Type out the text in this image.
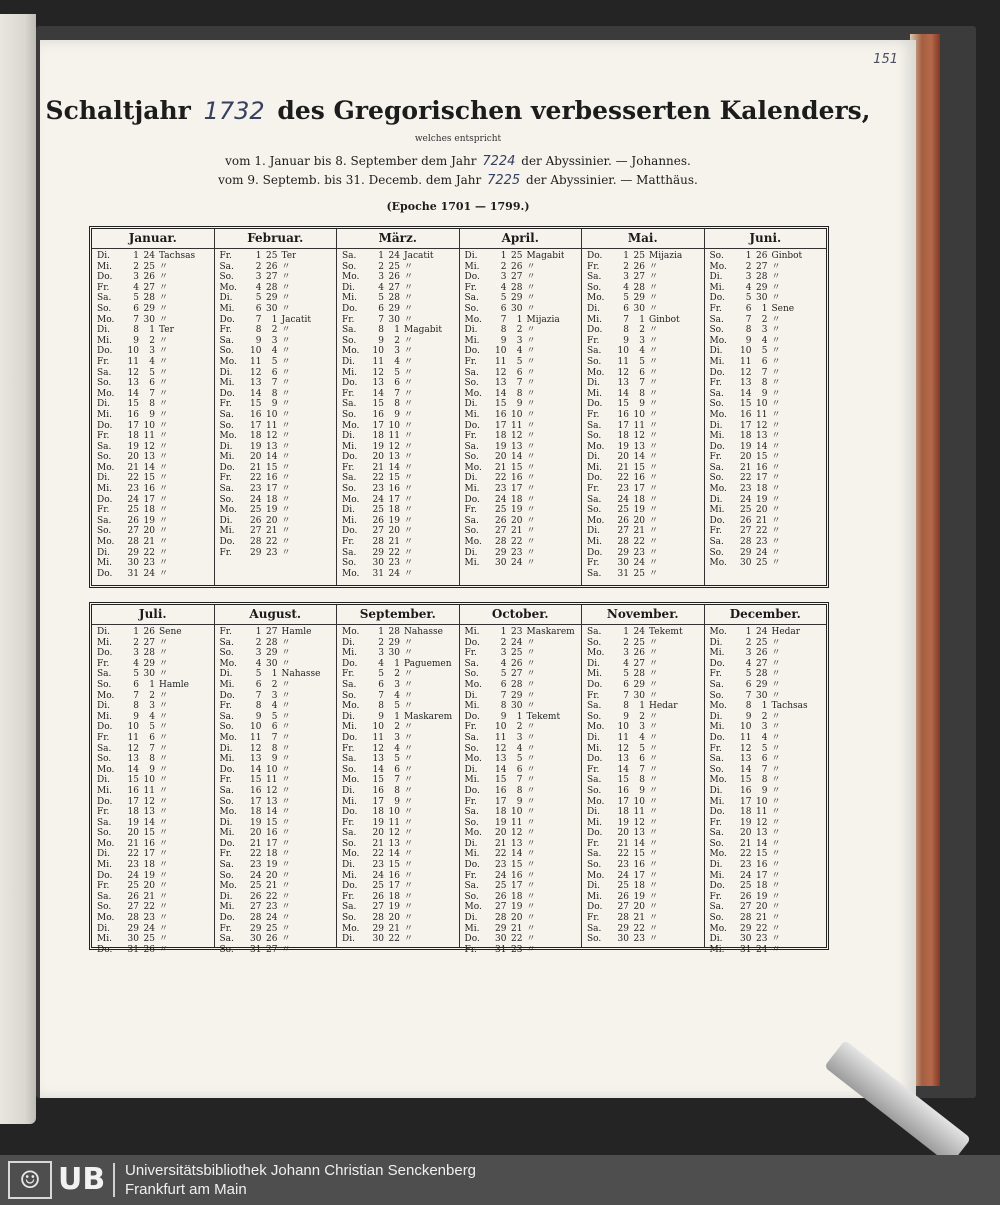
151
Schaltjahr 1732 des Gregorischen verbesserten Kalenders,
welches entspricht
vom 1. Januar bis 8. September dem Jahr 7224 der Abyssinier. — Johannes.
vom 9. Septemb. bis 31. Decemb. dem Jahr 7225 der Abyssinier. — Matthäus.
(Epoche 1701 — 1799.)
Januar.
Di.	1 24 Tachsas
Mi.	2 25 〃
Do.	3 26 〃
Fr.	4 27 〃
Sa.	5 28 〃
So.	6 29 〃
Mo.	7 30 〃
Di.	8	1 Ter
Mi.	9	2 〃
Do.	10	3 〃
Fr.	11	4 〃
Sa.	12	5 〃
So.	13	6 〃
Mo.	14	7 〃
Di.	15	8 〃
Mi.	16	9 〃
Do.	17 10 〃
Fr.	18 11 〃
Sa.	19 12 〃
So.	20 13 〃
Mo.	21 14 〃
Di.	22 15 〃
Mi.	23 16 〃
Do.	24 17 〃
Fr.	25 18 〃
Sa.	26 19 〃
So.	27 20 〃
Mo.	28 21 〃
Di.	29 22 〃
Mi.	30 23 〃
Do.	31 24 〃
Februar.
Fr.	1 25 Ter
Sa.	2 26 〃
So.	3 27 〃
Mo.	4 28 〃
Di.	5 29 〃
Mi.	6 30 〃
Do.	7	1 Jacatit
Fr.	8	2 〃
Sa.	9	3 〃
So.	10	4 〃
Mo.	11	5 〃
Di.	12	6 〃
Mi.	13	7 〃
Do.	14	8 〃
Fr.	15	9 〃
Sa.	16 10 〃
So.	17 11 〃
Mo.	18 12 〃
Di.	19 13 〃
Mi.	20 14 〃
Do.	21 15 〃
Fr.	22 16 〃
Sa.	23 17 〃
So.	24 18 〃
Mo.	25 19 〃
Di.	26 20 〃
Mi.	27 21 〃
Do.	28 22 〃
Fr.	29 23 〃
März.
Sa.	1 24 Jacatit
So.	2 25 〃
Mo.	3 26 〃
Di.	4 27 〃
Mi.	5 28 〃
Do.	6 29 〃
Fr.	7 30 〃
Sa.	8	1 Magabit
So.	9	2 〃
Mo.	10	3 〃
Di.	11	4 〃
Mi.	12	5 〃
Do.	13	6 〃
Fr.	14	7 〃
Sa.	15	8 〃
So.	16	9 〃
Mo.	17 10 〃
Di.	18 11 〃
Mi.	19 12 〃
Do.	20 13 〃
Fr.	21 14 〃
Sa.	22 15 〃
So.	23 16 〃
Mo.	24 17 〃
Di.	25 18 〃
Mi.	26 19 〃
Do.	27 20 〃
Fr.	28 21 〃
Sa.	29 22 〃
So.	30 23 〃
Mo.	31 24 〃
April.
Di.	1 25 Magabit
Mi.	2 26 〃
Do.	3 27 〃
Fr.	4 28 〃
Sa.	5 29 〃
So.	6 30 〃
Mo.	7	1 Mijazia
Di.	8	2 〃
Mi.	9	3 〃
Do.	10	4 〃
Fr.	11	5 〃
Sa.	12	6 〃
So.	13	7 〃
Mo.	14	8 〃
Di.	15	9 〃
Mi.	16 10 〃
Do.	17 11 〃
Fr.	18 12 〃
Sa.	19 13 〃
So.	20 14 〃
Mo.	21 15 〃
Di.	22 16 〃
Mi.	23 17 〃
Do.	24 18 〃
Fr.	25 19 〃
Sa.	26 20 〃
So.	27 21 〃
Mo.	28 22 〃
Di.	29 23 〃
Mi.	30 24 〃
Mai.
Do.	1 25 Mijazia
Fr.	2 26 〃
Sa.	3 27 〃
So.	4 28 〃
Mo.	5 29 〃
Di.	6 30 〃
Mi.	7	1 Ginbot
Do.	8	2 〃
Fr.	9	3 〃
Sa.	10	4 〃
So.	11	5 〃
Mo.	12	6 〃
Di.	13	7 〃
Mi.	14	8 〃
Do.	15	9 〃
Fr.	16 10 〃
Sa.	17 11 〃
So.	18 12 〃
Mo.	19 13 〃
Di.	20 14 〃
Mi.	21 15 〃
Do.	22 16 〃
Fr.	23 17 〃
Sa.	24 18 〃
So.	25 19 〃
Mo.	26 20 〃
Di.	27 21 〃
Mi.	28 22 〃
Do.	29 23 〃
Fr.	30 24 〃
Sa.	31 25 〃
Juni.
So.	1 26 Ginbot
Mo.	2 27 〃
Di.	3 28 〃
Mi.	4 29 〃
Do.	5 30 〃
Fr.	6	1 Sene
Sa.	7	2 〃
So.	8	3 〃
Mo.	9	4 〃
Di.	10	5 〃
Mi.	11	6 〃
Do.	12	7 〃
Fr.	13	8 〃
Sa.	14	9 〃
So.	15 10 〃
Mo.	16 11 〃
Di.	17 12 〃
Mi.	18 13 〃
Do.	19 14 〃
Fr.	20 15 〃
Sa.	21 16 〃
So.	22 17 〃
Mo.	23 18 〃
Di.	24 19 〃
Mi.	25 20 〃
Do.	26 21 〃
Fr.	27 22 〃
Sa.	28 23 〃
So.	29 24 〃
Mo.	30 25 〃
Juli.
Di.	1 26 Sene
Mi.	2 27 〃
Do.	3 28 〃
Fr.	4 29 〃
Sa.	5 30 〃
So.	6	1 Hamle
Mo.	7	2 〃
Di.	8	3 〃
Mi.	9	4 〃
Do.	10	5 〃
Fr.	11	6 〃
Sa.	12	7 〃
So.	13	8 〃
Mo.	14	9 〃
Di.	15 10 〃
Mi.	16 11 〃
Do.	17 12 〃
Fr.	18 13 〃
Sa.	19 14 〃
So.	20 15 〃
Mo.	21 16 〃
Di.	22 17 〃
Mi.	23 18 〃
Do.	24 19 〃
Fr.	25 20 〃
Sa.	26 21 〃
So.	27 22 〃
Mo.	28 23 〃
Di.	29 24 〃
Mi.	30 25 〃
Do.	31 26 〃
August.
Fr.	1 27 Hamle
Sa.	2 28 〃
So.	3 29 〃
Mo.	4 30 〃
Di.	5	1 Nahasse
Mi.	6	2 〃
Do.	7	3 〃
Fr.	8	4 〃
Sa.	9	5 〃
So.	10	6 〃
Mo.	11	7 〃
Di.	12	8 〃
Mi.	13	9 〃
Do.	14 10 〃
Fr.	15 11 〃
Sa.	16 12 〃
So.	17 13 〃
Mo.	18 14 〃
Di.	19 15 〃
Mi.	20 16 〃
Do.	21 17 〃
Fr.	22 18 〃
Sa.	23 19 〃
So.	24 20 〃
Mo.	25 21 〃
Di.	26 22 〃
Mi.	27 23 〃
Do.	28 24 〃
Fr.	29 25 〃
Sa.	30 26 〃
So.	31 27 〃
September.
Mo.	1 28 Nahasse
Di.	2 29 〃
Mi.	3 30 〃
Do.	4	1 Paguemen
Fr.	5	2 〃
Sa.	6	3 〃
So.	7	4 〃
Mo.	8	5 〃
Di.	9	1 Maskarem
Mi.	10	2 〃
Do.	11	3 〃
Fr.	12	4 〃
Sa.	13	5 〃
So.	14	6 〃
Mo.	15	7 〃
Di.	16	8 〃
Mi.	17	9 〃
Do.	18 10 〃
Fr.	19 11 〃
Sa.	20 12 〃
So.	21 13 〃
Mo.	22 14 〃
Di.	23 15 〃
Mi.	24 16 〃
Do.	25 17 〃
Fr.	26 18 〃
Sa.	27 19 〃
So.	28 20 〃
Mo.	29 21 〃
Di.	30 22 〃
October.
Mi.	1 23 Maskarem
Do.	2 24 〃
Fr.	3 25 〃
Sa.	4 26 〃
So.	5 27 〃
Mo.	6 28 〃
Di.	7 29 〃
Mi.	8 30 〃
Do.	9	1 Tekemt
Fr.	10	2 〃
Sa.	11	3 〃
So.	12	4 〃
Mo.	13	5 〃
Di.	14	6 〃
Mi.	15	7 〃
Do.	16	8 〃
Fr.	17	9 〃
Sa.	18 10 〃
So.	19 11 〃
Mo.	20 12 〃
Di.	21 13 〃
Mi.	22 14 〃
Do.	23 15 〃
Fr.	24 16 〃
Sa.	25 17 〃
So.	26 18 〃
Mo.	27 19 〃
Di.	28 20 〃
Mi.	29 21 〃
Do.	30 22 〃
Fr.	31 23 〃
November.
Sa.	1 24 Tekemt
So.	2 25 〃
Mo.	3 26 〃
Di.	4 27 〃
Mi.	5 28 〃
Do.	6 29 〃
Fr.	7 30 〃
Sa.	8	1 Hedar
So.	9	2 〃
Mo.	10	3 〃
Di.	11	4 〃
Mi.	12	5 〃
Do.	13	6 〃
Fr.	14	7 〃
Sa.	15	8 〃
So.	16	9 〃
Mo.	17 10 〃
Di.	18 11 〃
Mi.	19 12 〃
Do.	20 13 〃
Fr.	21 14 〃
Sa.	22 15 〃
So.	23 16 〃
Mo.	24 17 〃
Di.	25 18 〃
Mi.	26 19 〃
Do.	27 20 〃
Fr.	28 21 〃
Sa.	29 22 〃
So.	30 23 〃
December.
Mo.	1 24 Hedar
Di.	2 25 〃
Mi.	3 26 〃
Do.	4 27 〃
Fr.	5 28 〃
Sa.	6 29 〃
So.	7 30 〃
Mo.	8	1 Tachsas
Di.	9	2 〃
Mi.	10	3 〃
Do.	11	4 〃
Fr.	12	5 〃
Sa.	13	6 〃
So.	14	7 〃
Mo.	15	8 〃
Di.	16	9 〃
Mi.	17 10 〃
Do.	18 11 〃
Fr.	19 12 〃
Sa.	20 13 〃
So.	21 14 〃
Mo.	22 15 〃
Di.	23 16 〃
Mi.	24 17 〃
Do.	25 18 〃
Fr.	26 19 〃
Sa.	27 20 〃
So.	28 21 〃
Mo.	29 22 〃
Di.	30 23 〃
Mi.	31 24 〃
☺ UB Universitätsbibliothek Johann Christian Senckenberg
Frankfurt am Main
